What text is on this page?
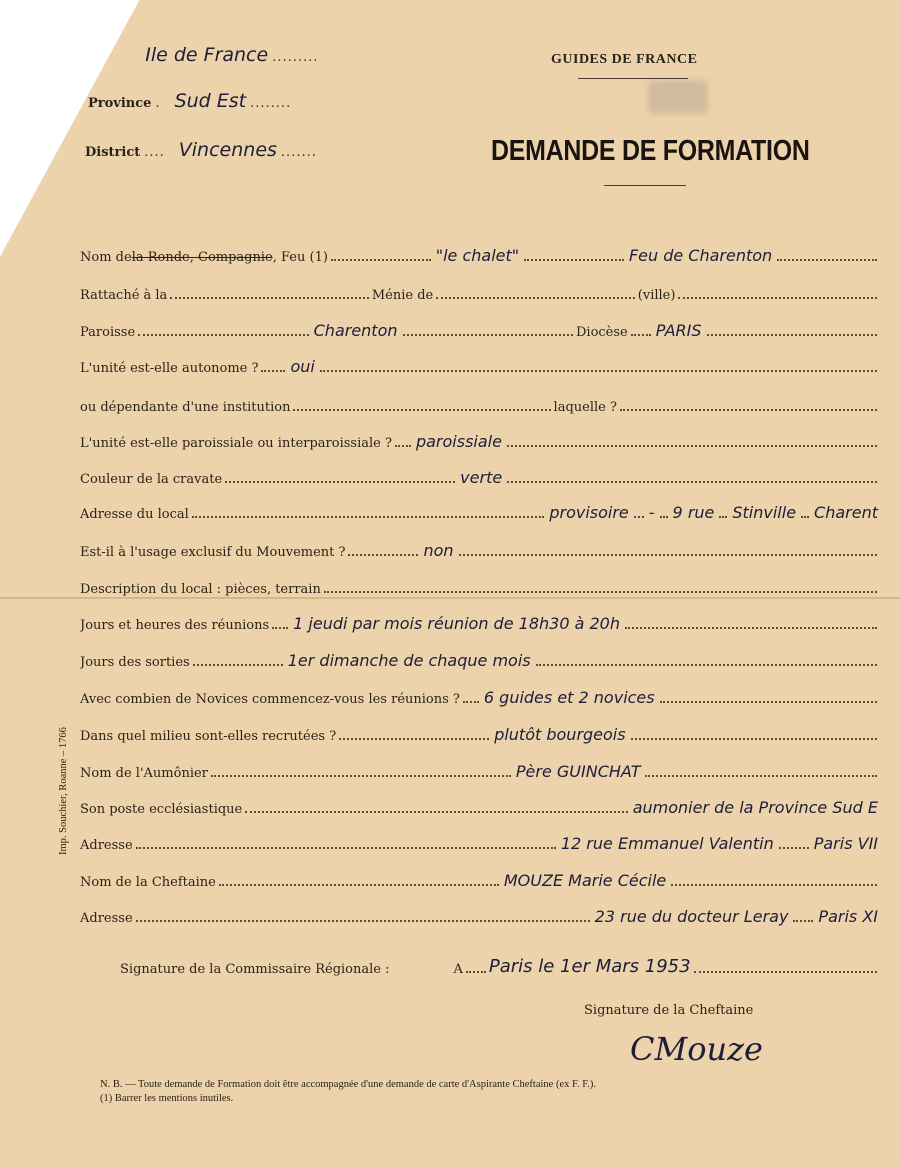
Ile de France .........
Province . Sud Est ........
District .... Vincennes .......
GUIDES DE FRANCE
DEMANDE DE FORMATION
Nom de la Ronde, Compagnie , Feu (1)	"le chalet"	Feu de Charenton
Rattaché à la	Ménie de	(ville)
Paroisse	Charenton	Diocèse PARIS
L'unité est-elle autonome ? oui
ou dépendante d'une institution	laquelle ?
L'unité est-elle paroissiale ou interparoissiale ? paroissiale
Couleur de la cravate	verte
Adresse du local	provisoire - 9 rue Stinville Charent
Est-il à l'usage exclusif du Mouvement ?	non
Description du local : pièces, terrain
Jours et heures des réunions 1 jeudi par mois réunion de 18h30 à 20h
Jours des sorties	1er dimanche de chaque mois
Avec combien de Novices commencez-vous les réunions ? 6 guides et 2 novices
Dans quel milieu sont-elles recrutées ?	plutôt bourgeois
Nom de l'Aumônier	Père GUINCHAT
Son poste ecclésiastique	aumonier de la Province Sud E
Adresse	12 rue Emmanuel Valentin	Paris VII
Nom de la Cheftaine	MOUZE Marie Cécile
Adresse	23 rue du docteur Leray Paris XI
Signature de la Commissaire Régionale :	A Paris le 1er Mars 1953
Signature de la Cheftaine
CMouze
N. B. — Toute demande de Formation doit être accompagnée d'une demande de carte d'Aspirante Cheftaine (ex F. F.).
(1) Barrer les mentions inutiles.
Imp. Souchier, Roanne – 1766
